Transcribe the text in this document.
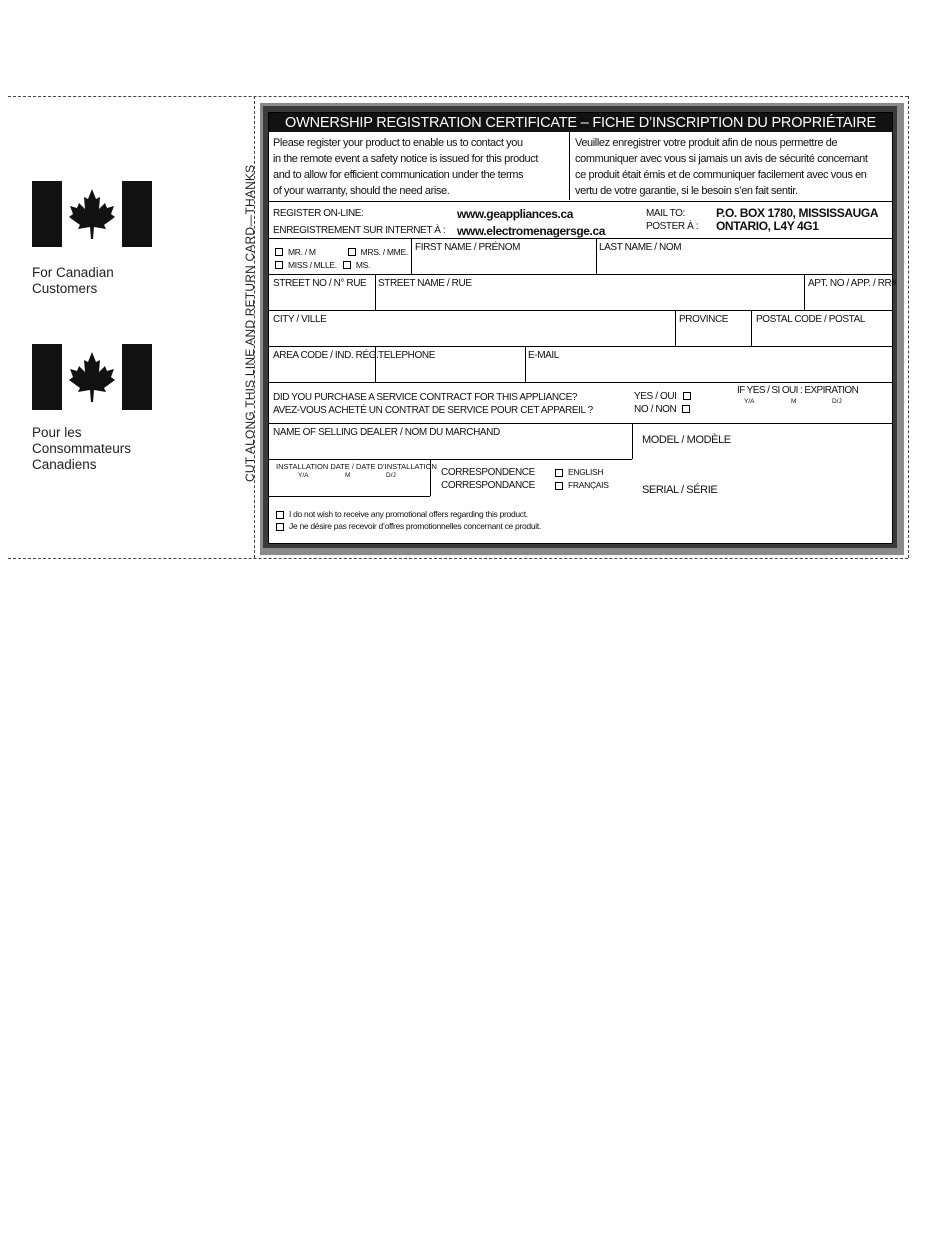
For Canadian
Customers
Pour les
Consommateurs
Canadiens	CUT ALONG THIS LINE AND RETURN CARD—THANKS
OWNERSHIP REGISTRATION CERTIFICATE – FICHE D’INSCRIPTION DU PROPRIÉTAIRE
Please register your product to enable us to contact you
in the remote event a safety notice is issued for this product
and to allow for efficient communication under the terms
of your warranty, should the need arise.
Veuillez enregistrer votre produit afin de nous permettre de
communiquer avec vous si jamais un avis de sécurité concernant
ce produit était émis et de communiquer facilement avec vous en
vertu de votre garantie, si le besoin s’en fait sentir.
REGISTER ON-LINE:
ENREGISTREMENT SUR INTERNET À :
www.geappliances.ca
www.electromenagersge.ca
MAIL TO:
POSTER À :
P.O. BOX 1780, MISSISSAUGA
ONTARIO, L4Y 4G1
MR. / M	MRS. / MME.
MISS / MLLE. MS.
FIRST NAME / PRÉNOM	LAST NAME / NOM
STREET NO / N° RUE STREET NAME / RUE	APT. NO / APP. / RR#
CITY / VILLE	PROVINCE	POSTAL CODE / POSTAL
AREA CODE / IND. RÉG. TELEPHONE	E-MAIL
DID YOU PURCHASE A SERVICE CONTRACT FOR THIS APPLIANCE?
AVEZ-VOUS ACHETÉ UN CONTRAT DE SERVICE POUR CET APPAREIL ?
YES / OUI
NO / NON
IF YES / SI OUI : EXPIRATION
Y/A	M	D/J
NAME OF SELLING DEALER / NOM DU MARCHAND
MODEL / MODÈLE
SERIAL / SÉRIE
INSTALLATION DATE / DATE D’INSTALLATION
Y/A	M	D/J	CORRESPONDENCE
CORRESPONDANCE
ENGLISH
FRANÇAIS
I do not wish to receive any promotional offers regarding this product.
Je ne désire pas recevoir d’offres promotionnelles concernant ce produit.
